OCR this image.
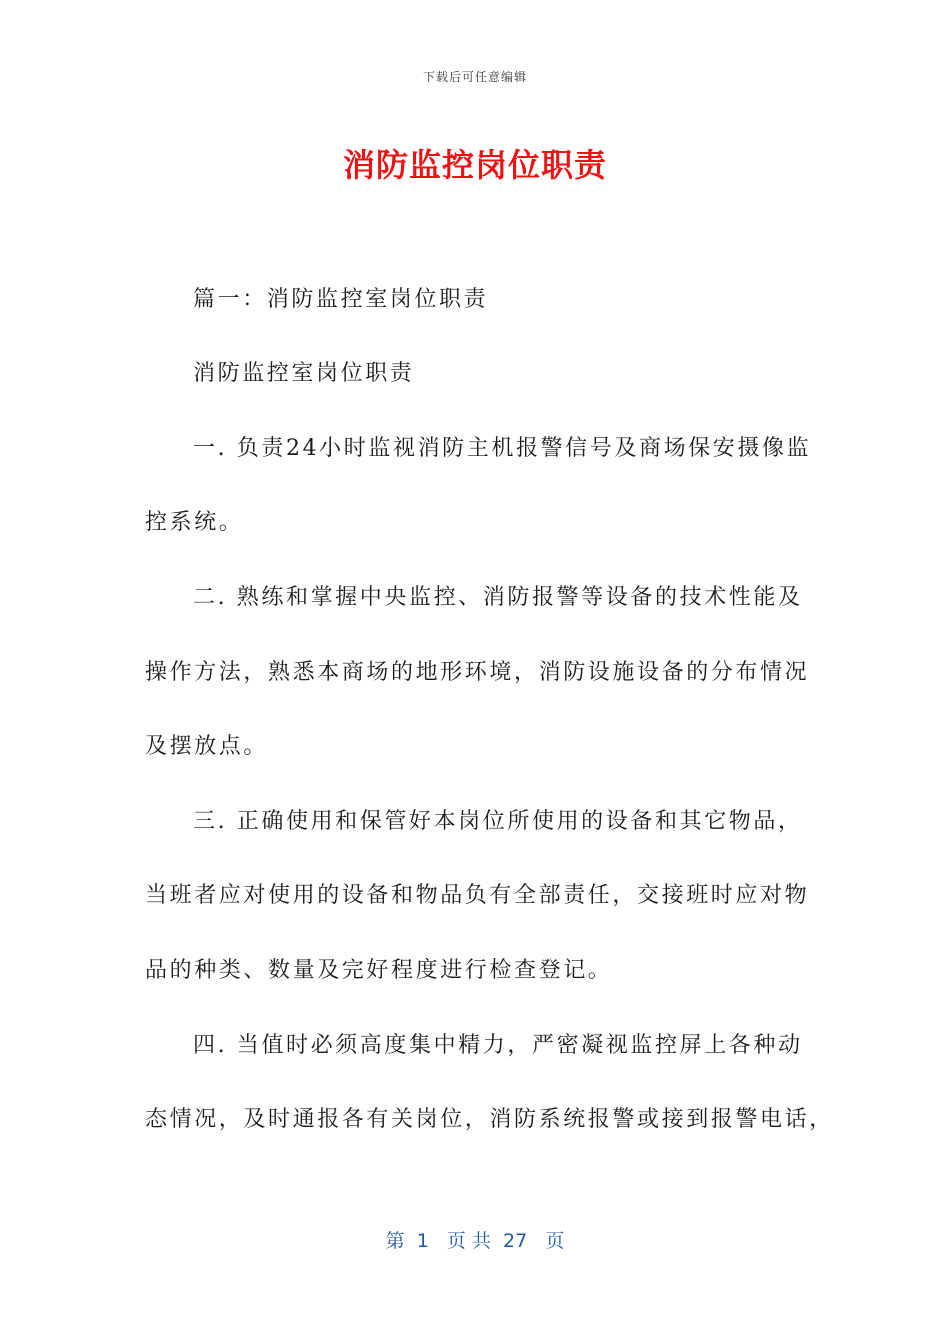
下载后可任意编辑
消防监控岗位职责
篇一：消防监控室岗位职责
消防监控室岗位职责
一. 负责24小时监视消防主机报警信号及商场保安摄像监
控系统。
二. 熟练和掌握中央监控、消防报警等设备的技术性能及
操作方法，熟悉本商场的地形环境，消防设施设备的分布情况
及摆放点。
三. 正确使用和保管好本岗位所使用的设备和其它物品，
当班者应对使用的设备和物品负有全部责任，交接班时应对物
品的种类、数量及完好程度进行检查登记。
四. 当值时必须高度集中精力，严密凝视监控屏上各种动
态情况，及时通报各有关岗位，消防系统报警或接到报警电话，
第  1   页 共  27   页
